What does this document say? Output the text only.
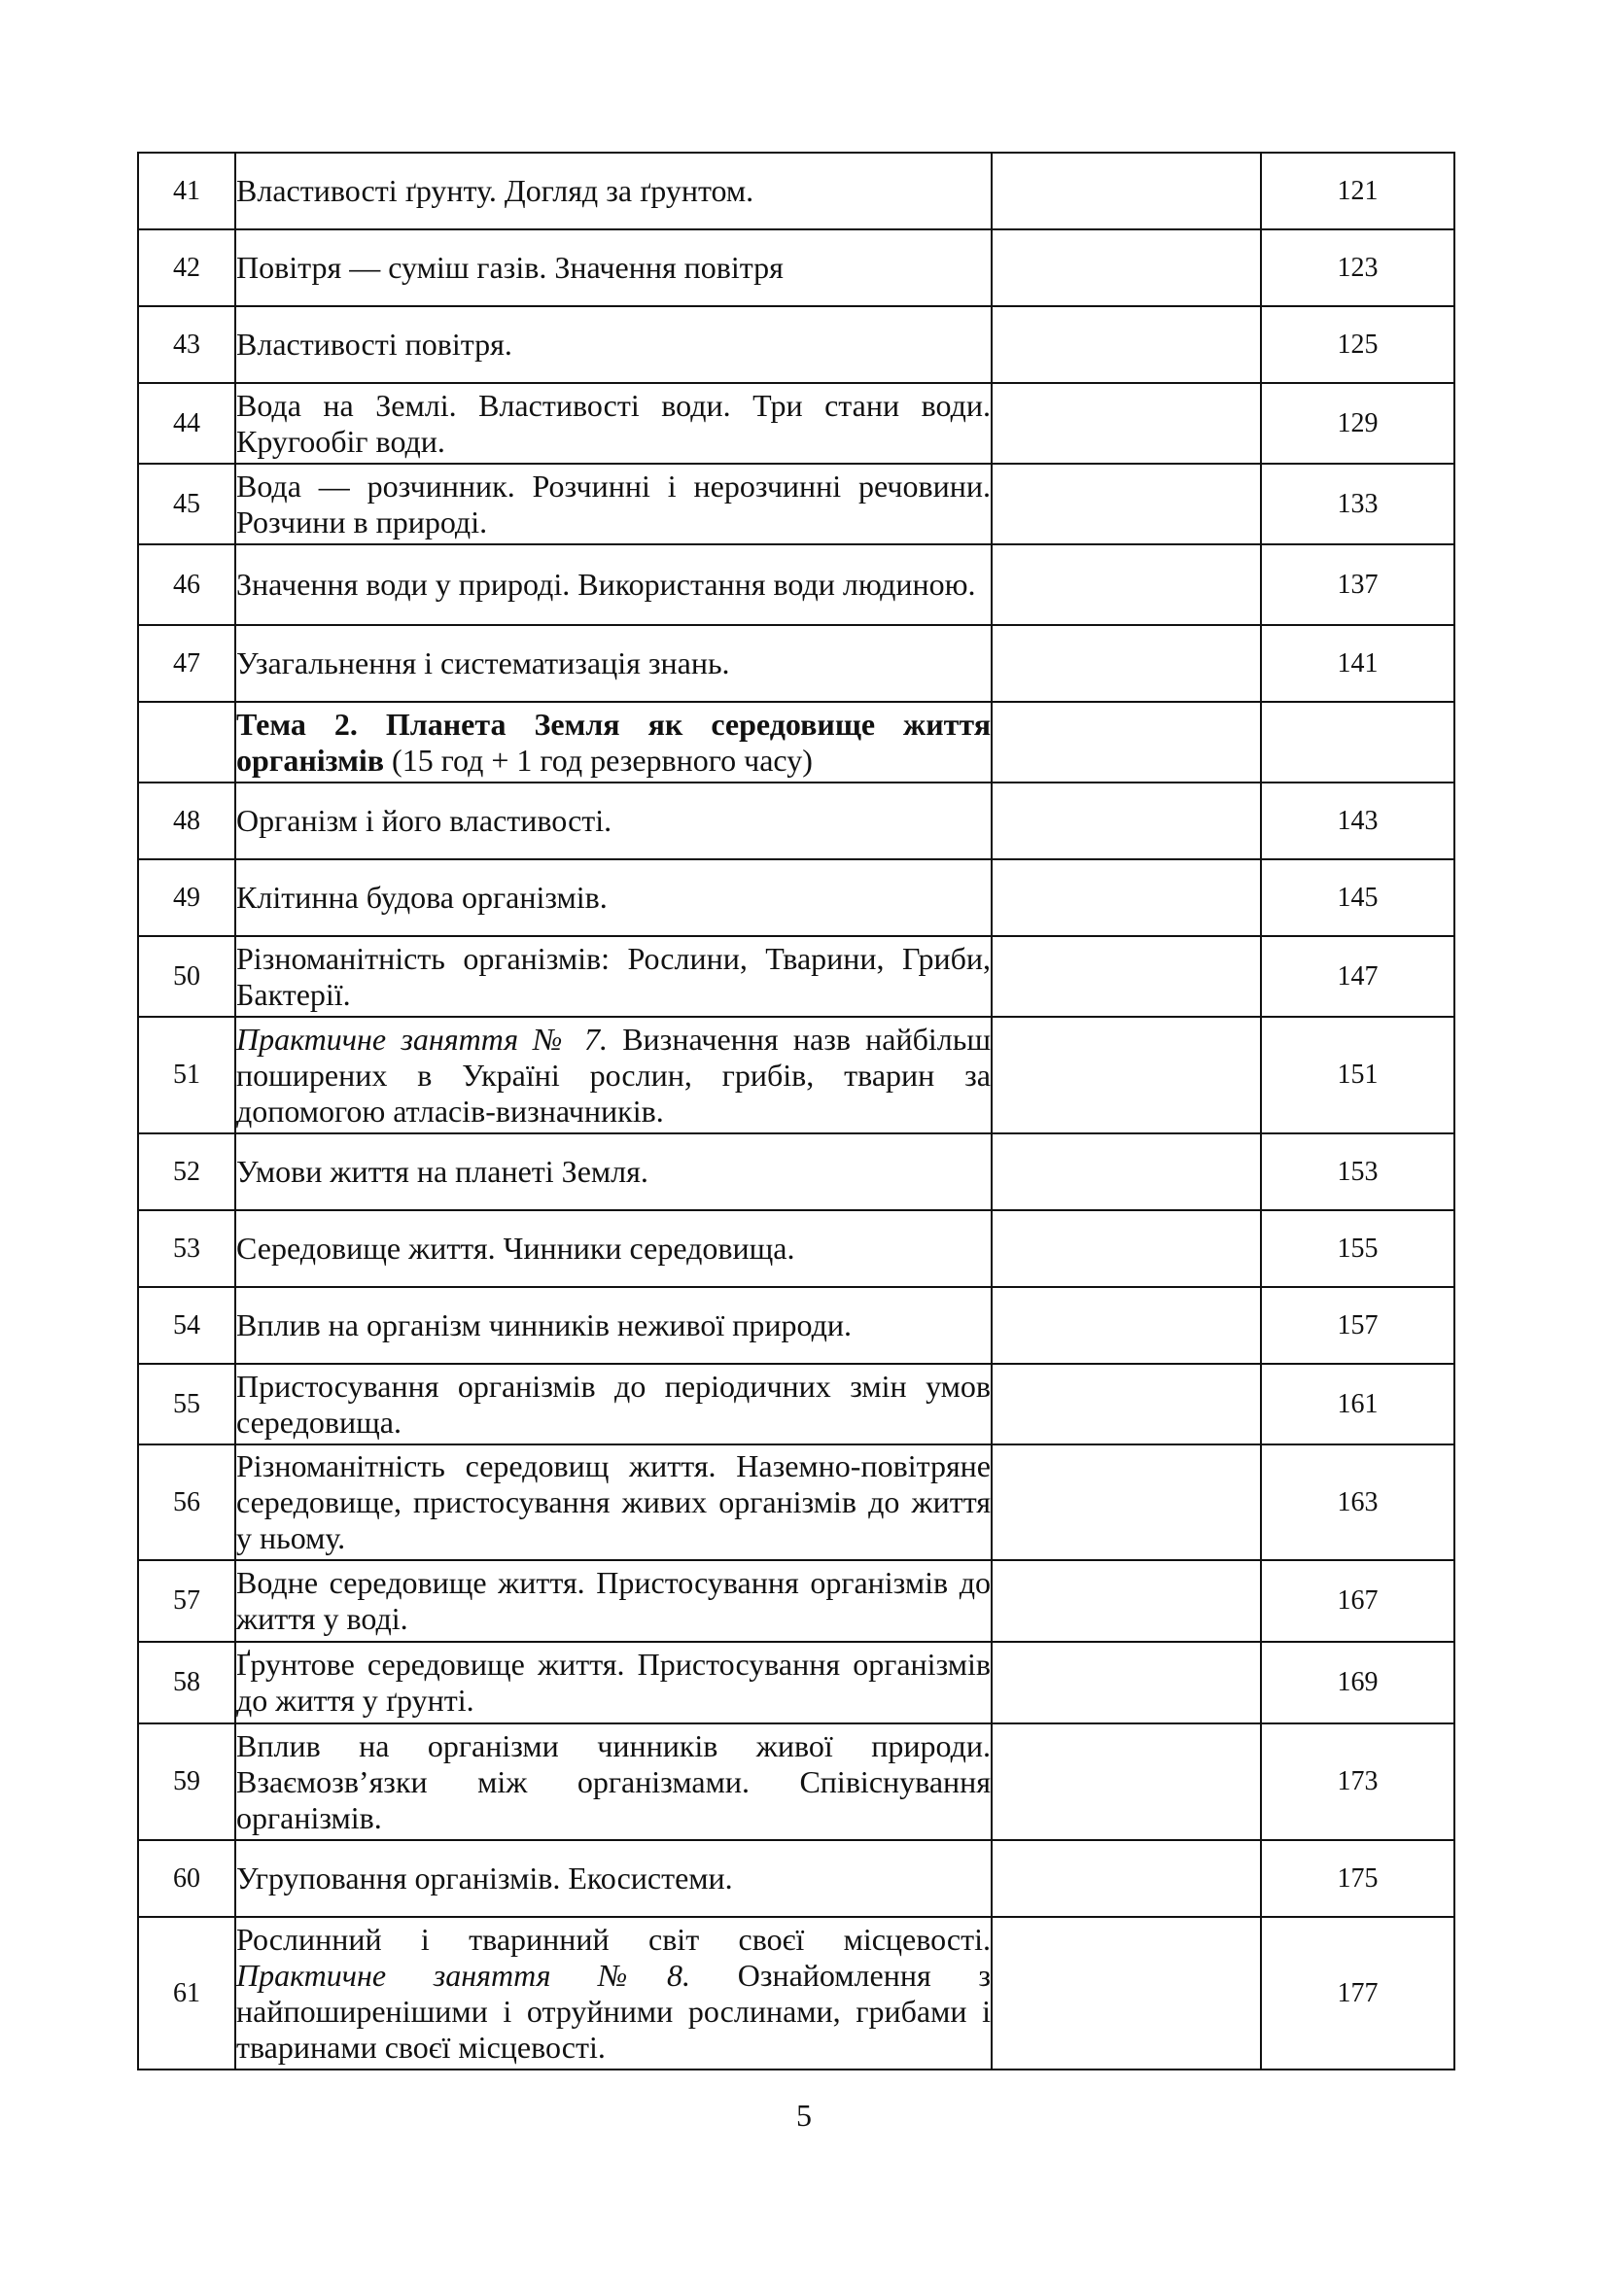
41	Властивості ґрунту. Догляд за ґрунтом.		121
42	Повітря — суміш газів. Значення повітря		123
43	Властивості повітря.		125
44	Вода на Землі. Властивості води. Три стани води. Кругообіг води.		129
45	Вода — розчинник. Розчинні і нерозчинні речовини. Розчини в природі.		133
46	Значення води у природі. Використання води людиною.		137
47	Узагальнення і систематизація знань.		141
	Тема 2. Планета Земля як середовище життя організмів (15 год + 1 год резервного часу)		
48	Організм і його властивості.		143
49	Клітинна будова організмів.		145
50	Різноманітність організмів: Рослини, Тварини, Гриби, Бактерії.		147
51	Практичне заняття № 7. Визначення назв найбільш поширених в Україні рослин, грибів, тварин за допомогою атласів-визначників.		151
52	Умови життя на планеті Земля.		153
53	Середовище життя. Чинники середовища.		155
54	Вплив на організм чинників неживої природи.		157
55	Пристосування організмів до періодичних змін умов середовища.		161
56	Різноманітність середовищ життя. Наземно-повітряне середовище, пристосування живих організмів до життя у ньому.		163
57	Водне середовище життя. Пристосування організмів до життя у воді.		167
58	Ґрунтове середовище життя. Пристосування організмів до життя у ґрунті.		169
59	Вплив на організми чинників живої природи. Взаємозв’язки між організмами. Співіснування організмів.		173
60	Угруповання організмів. Екосистеми.		175
61	Рослинний і тваринний світ своєї місцевості. Практичне заняття №8. Ознайомлення з найпоширенішими і отруйними рослинами, грибами і тваринами своєї місцевості.		177
5
